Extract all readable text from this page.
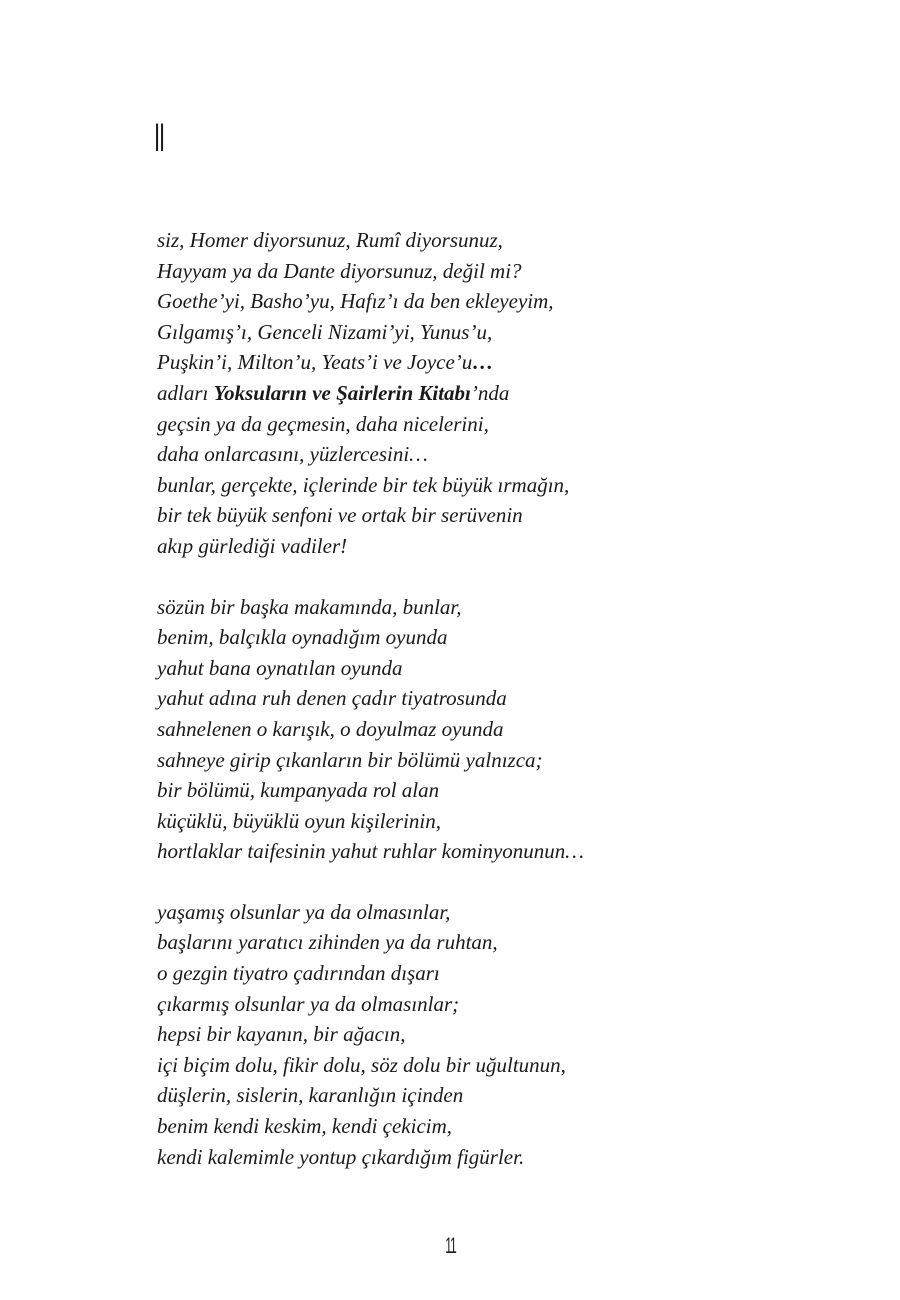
II
siz, Homer diyorsunuz, Rumî diyorsunuz,
Hayyam ya da Dante diyorsunuz, değil mi?
Goethe’yi, Basho’yu, Hafız’ı da ben ekleyeyim,
Gılgamış’ı, Genceli Nizami’yi, Yunus’u,
Puşkin’i, Milton’u, Yeats’i ve Joyce’u…
adları Yoksuların ve Şairlerin Kitabı’nda
geçsin ya da geçmesin, daha nicelerini,
daha onlarcasını, yüzlercesini…
bunlar, gerçekte, içlerinde bir tek büyük ırmağın,
bir tek büyük senfoni ve ortak bir serüvenin
akıp gürlediği vadiler!
sözün bir başka makamında, bunlar,
benim, balçıkla oynadığım oyunda
yahut bana oynatılan oyunda
yahut adına ruh denen çadır tiyatrosunda
sahnelenen o karışık, o doyulmaz oyunda
sahneye girip çıkanların bir bölümü yalnızca;
bir bölümü, kumpanyada rol alan
küçüklü, büyüklü oyun kişilerinin,
hortlaklar taifesinin yahut ruhlar kominyonunun…
yaşamış olsunlar ya da olmasınlar,
başlarını yaratıcı zihinden ya da ruhtan,
o gezgin tiyatro çadırından dışarı
çıkarmış olsunlar ya da olmasınlar;
hepsi bir kayanın, bir ağacın,
içi biçim dolu, fikir dolu, söz dolu bir uğultunun,
düşlerin, sislerin, karanlığın içinden
benim kendi keskim, kendi çekicim,
kendi kalemimle yontup çıkardığım figürler.
11
